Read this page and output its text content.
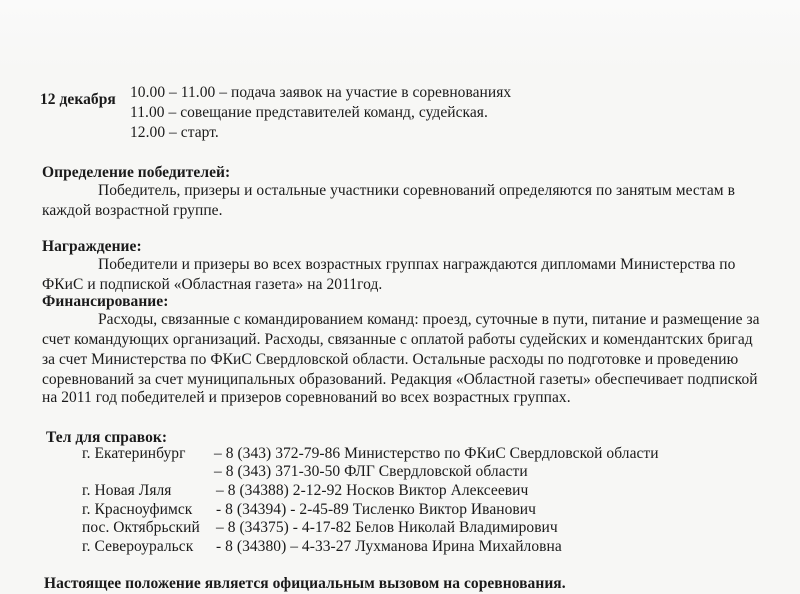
12 декабря 10.00 – 11.00 – подача заявок на участие в соревнованиях
11.00 – совещание представителей команд, судейская.
12.00 – старт.
Определение победителей:
Победитель, призеры и остальные участники соревнований определяются по занятым местам в
каждой возрастной группе.
Награждение:
Победители и призеры во всех возрастных группах награждаются дипломами Министерства по
ФКиС и подпиской «Областная газета» на 2011год.
Финансирование:
Расходы, связанные с командированием команд: проезд, суточные в пути, питание и размещение за
счет командующих организаций. Расходы, связанные с оплатой работы судейских и комендантских бригад
за счет Министерства по ФКиС Свердловской области. Остальные расходы по подготовке и проведению
соревнований за счет муниципальных образований. Редакция «Областной газеты» обеспечивает подпиской
на 2011 год победителей и призеров соревнований во всех возрастных группах.
Тел для справок:
г. Екатеринбург – 8 (343) 372-79-86 Министерство по ФКиС Свердловской области
– 8 (343) 371-30-50 ФЛГ Свердловской области
г. Новая Ляля	– 8 (34388) 2-12-92 Носков Виктор Алексеевич
г. Красноуфимск - 8 (34394) - 2-45-89 Тисленко Виктор Иванович
пос. Октябрьский – 8 (34375) - 4-17-82 Белов Николай Владимирович
г. Североуральск - 8 (34380) – 4-33-27 Лухманова Ирина Михайловна
Настоящее положение является официальным вызовом на соревнования.
